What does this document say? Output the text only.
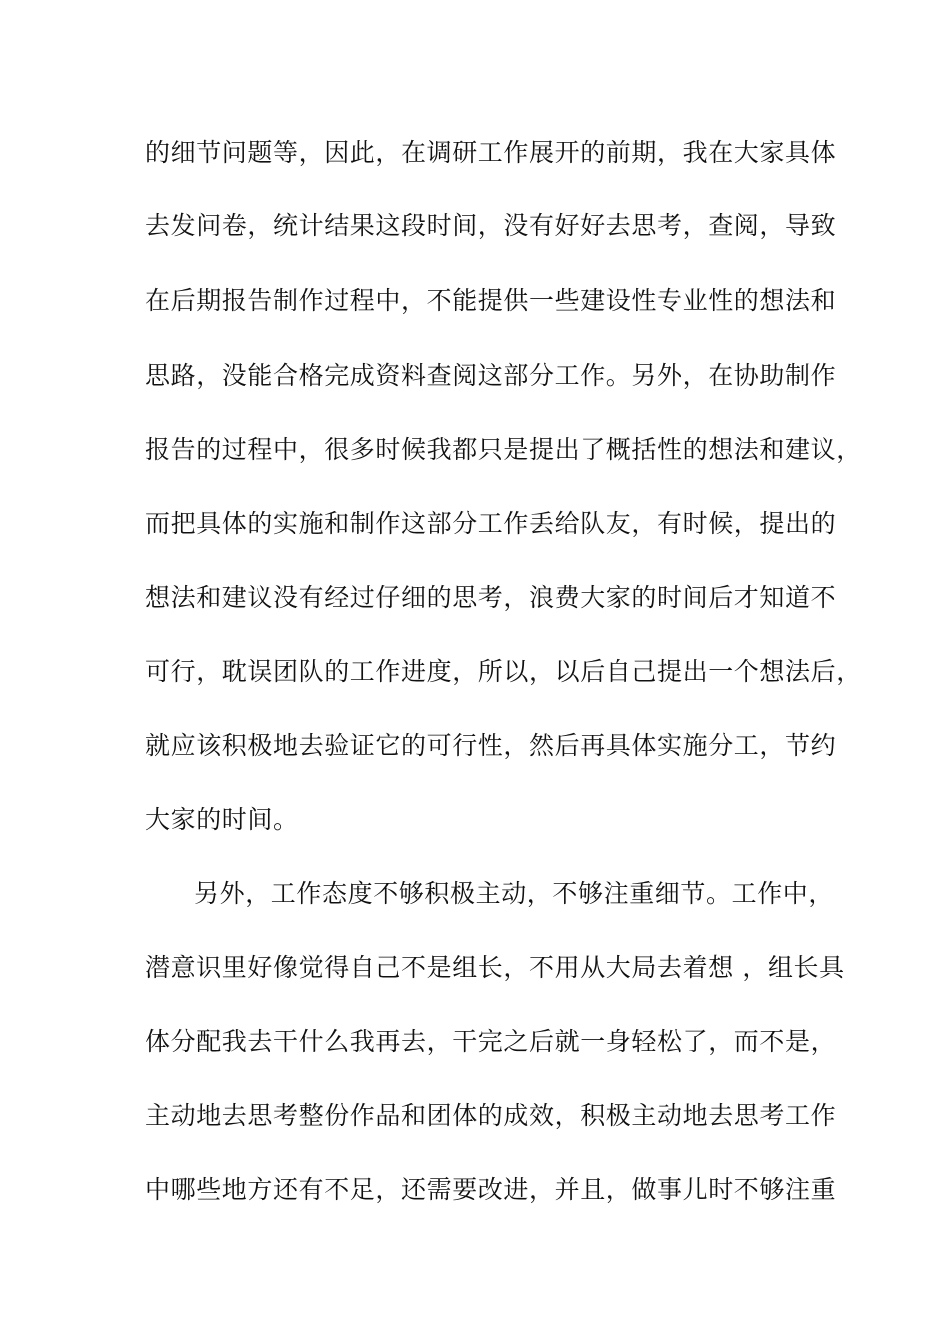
的细节问题等，因此，在调研工作展开的前期，我在大家具体
去发问卷，统计结果这段时间，没有好好去思考，查阅，导致
在后期报告制作过程中，不能提供一些建设性专业性的想法和
思路，没能合格完成资料查阅这部分工作。另外，在协助制作
报告的过程中，很多时候我都只是提出了概括性的想法和建议，
而把具体的实施和制作这部分工作丢给队友，有时候，提出的
想法和建议没有经过仔细的思考，浪费大家的时间后才知道不
可行，耽误团队的工作进度，所以，以后自己提出一个想法后，
就应该积极地去验证它的可行性，然后再具体实施分工，节约
大家的时间。
另外，工作态度不够积极主动，不够注重细节。工作中，
潜意识里好像觉得自己不是组长，不用从大局去着想 ，组长具
体分配我去干什么我再去，干完之后就一身轻松了，而不是，
主动地去思考整份作品和团体的成效，积极主动地去思考工作
中哪些地方还有不足，还需要改进，并且，做事儿时不够注重
